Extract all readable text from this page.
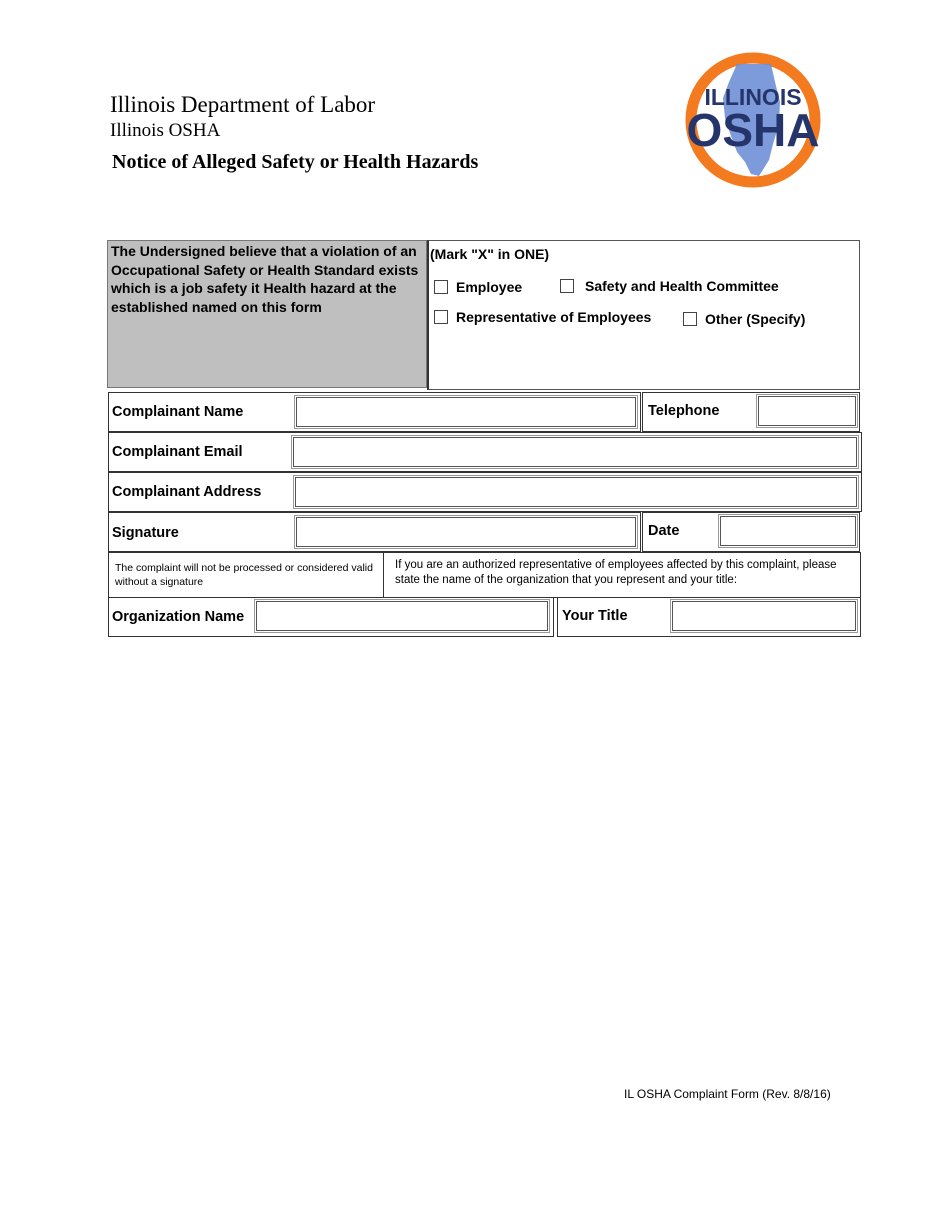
Illinois Department of Labor
Illinois OSHA
Notice of Alleged Safety or Health Hazards
ILLINOIS
OSHA
The Undersigned believe that a violation of an Occupational Safety or Health Standard exists which is a job safety it Health hazard at the established named on this form
(Mark "X" in ONE)
Employee	Safety and Health Committee
Representative of Employees	Other (Specify)
Complainant Name	Telephone
Complainant Email
Complainant Address
Signature	Date
The complaint will not be processed or considered valid without a signature
If you are an authorized representative of employees affected by this complaint, please state the name of the organization that you represent and your title:
Organization Name	Your Title
IL OSHA Complaint Form (Rev. 8/8/16)
